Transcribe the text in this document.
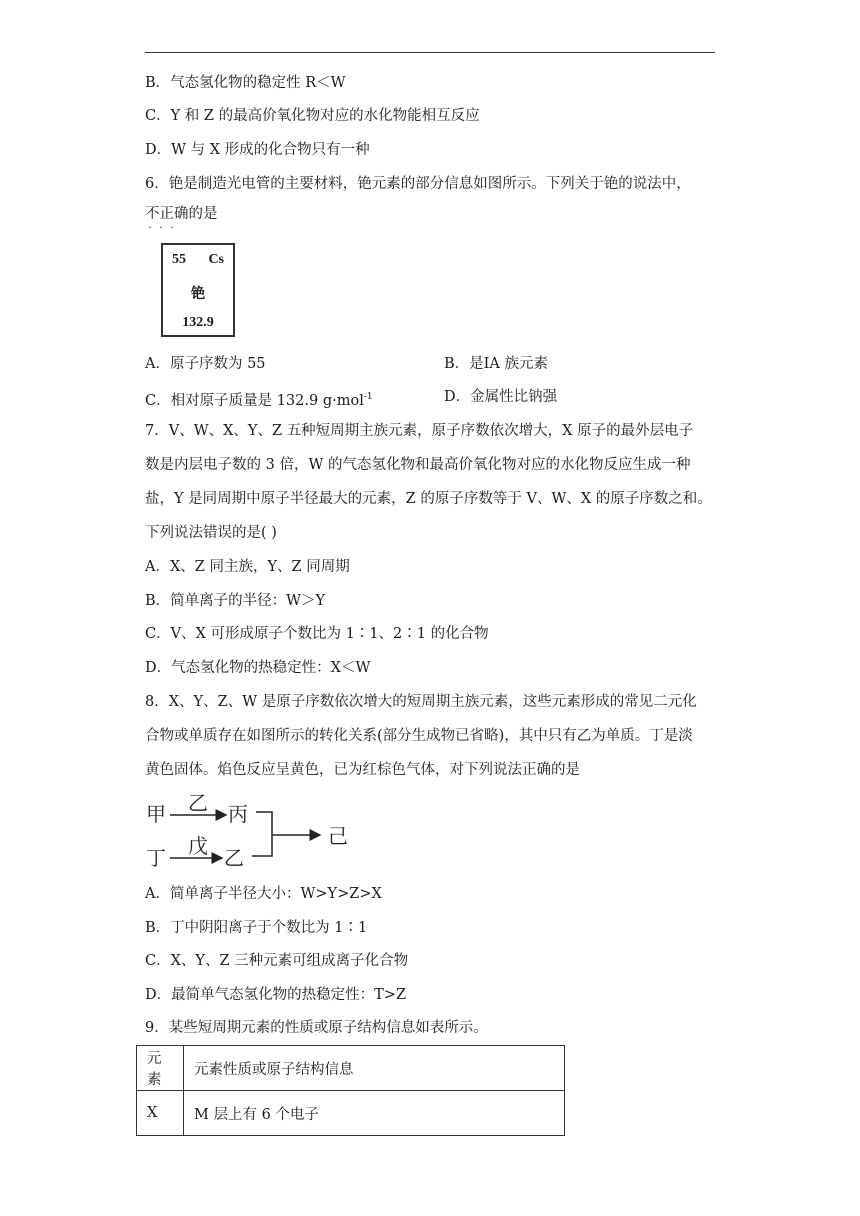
B．气态氢化物的稳定性 R＜W
C．Y 和 Z 的最高价氧化物对应的水化物能相互反应
D．W 与 X 形成的化合物只有一种
6．铯是制造光电管的主要材料，铯元素的部分信息如图所示。下列关于铯的说法中，
不正确
· · ·
的是
55 Cs
铯
132.9
A．原子序数为 55	B．是ⅠA 族元素
C．相对原子质量是 132.9 g·mol$^{-1}$	D．金属性比钠强
7．V、W、X、Y、Z 五种短周期主族元素，原子序数依次增大，X 原子的最外层电子
数是内层电子数的 3 倍，W 的气态氢化物和最高价氧化物对应的水化物反应生成一种
盐，Y 是同周期中原子半径最大的元素，Z 的原子序数等于 V、W、X 的原子序数之和。
下列说法错误的是( )
A．X、Z 同主族，Y、Z 同周期
B．简单离子的半径：W＞Y
C．V、X 可形成原子个数比为 1∶1、2∶1 的化合物
D．气态氢化物的热稳定性：X＜W
8．X、Y、Z、W 是原子序数依次增大的短周期主族元素，这些元素形成的常见二元化
合物或单质存在如图所示的转化关系(部分生成物已省略)，其中只有乙为单质。丁是淡
黄色固体。焰色反应呈黄色，已为红棕色气体，对下列说法正确的是
甲 乙 丙
丁 戊 乙
己
A．简单离子半径大小：W>Y>Z>X
B．丁中阴阳离子于个数比为 1∶1
C．X、Y、Z 三种元素可组成离子化合物
D．最简单气态氢化物的热稳定性：T>Z
9．某些短周期元素的性质或原子结构信息如表所示。
元素	元素性质或原子结构信息
X	M 层上有 6 个电子
